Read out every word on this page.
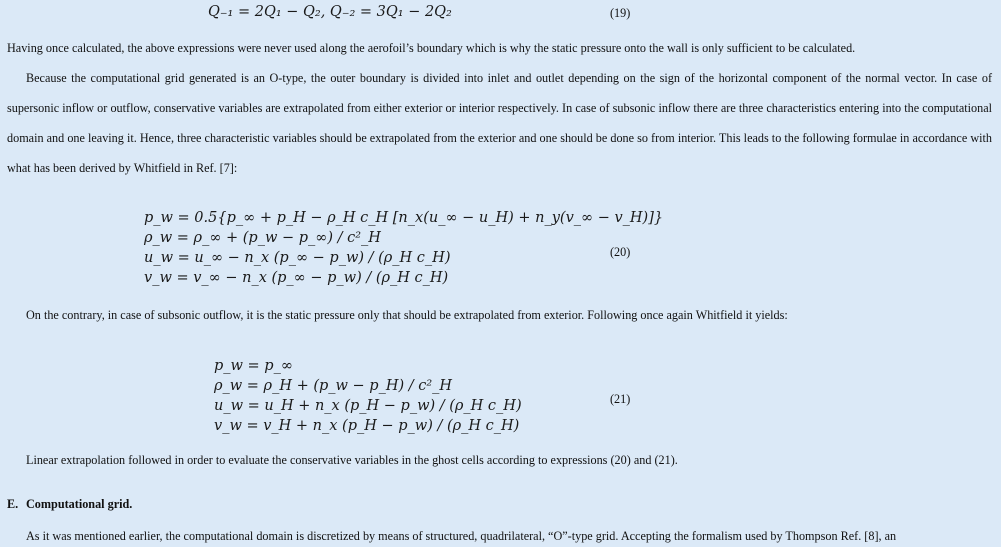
Q₋₁ = 2Q₁ − Q₂, Q₋₂ = 3Q₁ − 2Q₂	(19)
Having once calculated, the above expressions were never used along the aerofoil’s boundary which is why the static pressure onto the wall is only sufficient to be calculated.
Because the computational grid generated is an O-type, the outer boundary is divided into inlet and outlet depending on the sign of the horizontal component of the normal vector. In case of supersonic inflow or outflow, conservative variables are extrapolated from either exterior or interior respectively. In case of subsonic inflow there are three characteristics entering into the computational domain and one leaving it. Hence, three characteristic variables should be extrapolated from the exterior and one should be done so from interior. This leads to the following formulae in accordance with what has been derived by Whitfield in Ref. [7]:
p_w = 0.5{p_∞ + p_H − ρ_H c_H [n_x(u_∞ − u_H) + n_y(v_∞ − v_H)]}
ρ_w = ρ_∞ + (p_w − p_∞) / c²_H
u_w = u_∞ − n_x (p_∞ − p_w) / (ρ_H c_H)
v_w = v_∞ − n_x (p_∞ − p_w) / (ρ_H c_H)
(20)
On the contrary, in case of subsonic outflow, it is the static pressure only that should be extrapolated from exterior. Following once again Whitfield it yields:
p_w = p_∞
ρ_w = ρ_H + (p_w − p_H) / c²_H
u_w = u_H + n_x (p_H − p_w) / (ρ_H c_H)
v_w = v_H + n_x (p_H − p_w) / (ρ_H c_H)
(21)
Linear extrapolation followed in order to evaluate the conservative variables in the ghost cells according to expressions (20) and (21).
E. Computational grid.
As it was mentioned earlier, the computational domain is discretized by means of structured, quadrilateral, “O”-type grid. Accepting the formalism used by Thompson Ref. [8], an
